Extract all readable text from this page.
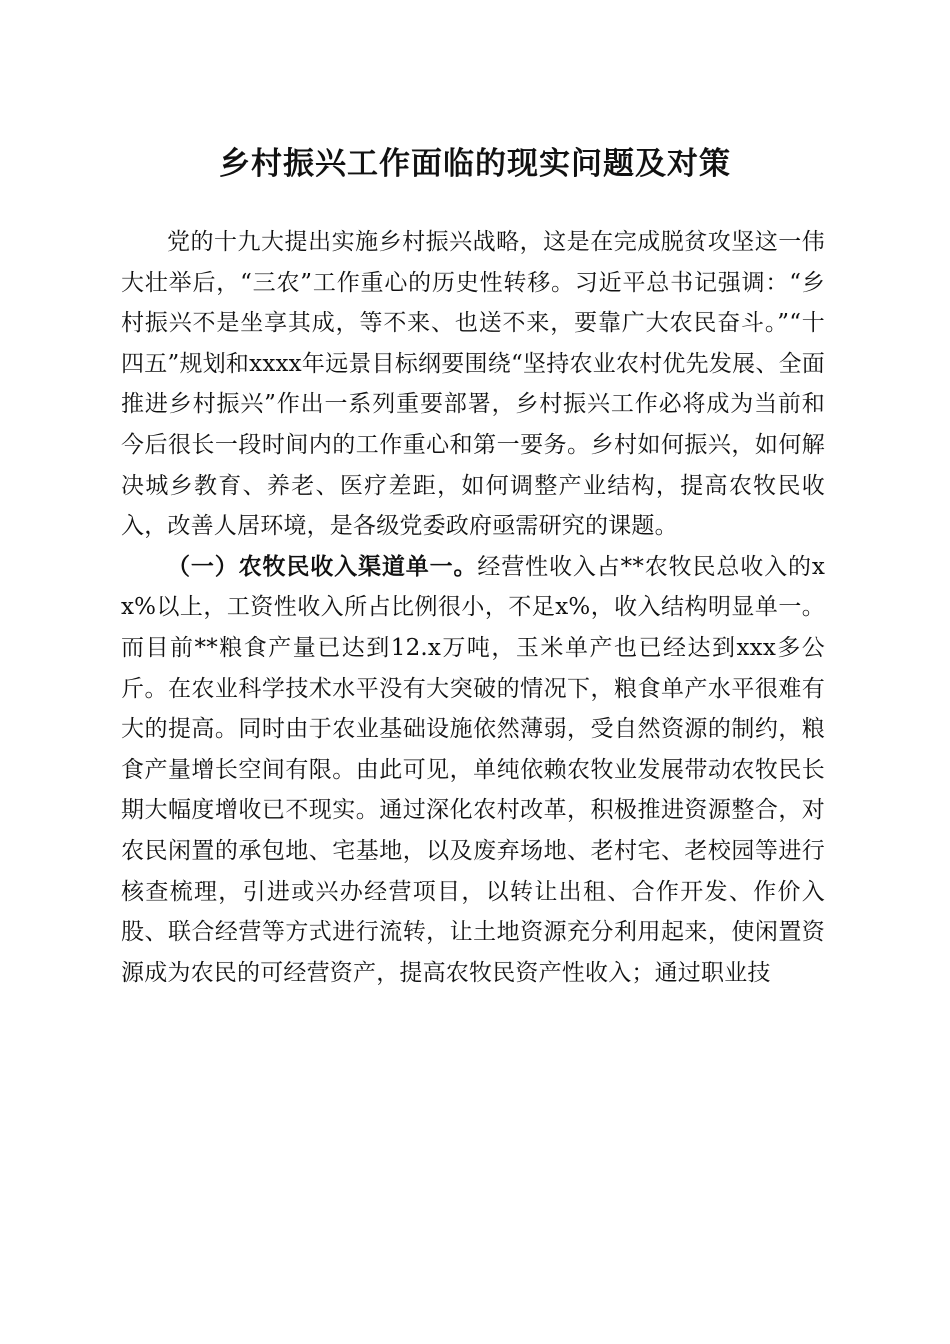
乡村振兴工作面临的现实问题及对策

党的十九大提出实施乡村振兴战略，这是在完成脱贫攻坚这一伟大壮举后，“三农”工作重心的历史性转移。习近平总书记强调：“乡村振兴不是坐享其成，等不来、也送不来，要靠广大农民奋斗。”“十四五”规划和xxxx年远景目标纲要围绕“坚持农业农村优先发展、全面推进乡村振兴”作出一系列重要部署，乡村振兴工作必将成为当前和今后很长一段时间内的工作重心和第一要务。乡村如何振兴，如何解决城乡教育、养老、医疗差距，如何调整产业结构，提高农牧民收入，改善人居环境，是各级党委政府亟需研究的课题。

（一）农牧民收入渠道单一。经营性收入占**农牧民总收入的xx%以上，工资性收入所占比例很小，不足x%，收入结构明显单一。而目前**粮食产量已达到12.x万吨，玉米单产也已经达到xxx多公斤。在农业科学技术水平没有大突破的情况下，粮食单产水平很难有大的提高。同时由于农业基础设施依然薄弱，受自然资源的制约，粮食产量增长空间有限。由此可见，单纯依赖农牧业发展带动农牧民长期大幅度增收已不现实。通过深化农村改革，积极推进资源整合，对农民闲置的承包地、宅基地，以及废弃场地、老村宅、老校园等进行核查梳理，引进或兴办经营项目，以转让出租、合作开发、作价入股、联合经营等方式进行流转，让土地资源充分利用起来，使闲置资源成为农民的可经营资产，提高农牧民资产性收入；通过职业技
